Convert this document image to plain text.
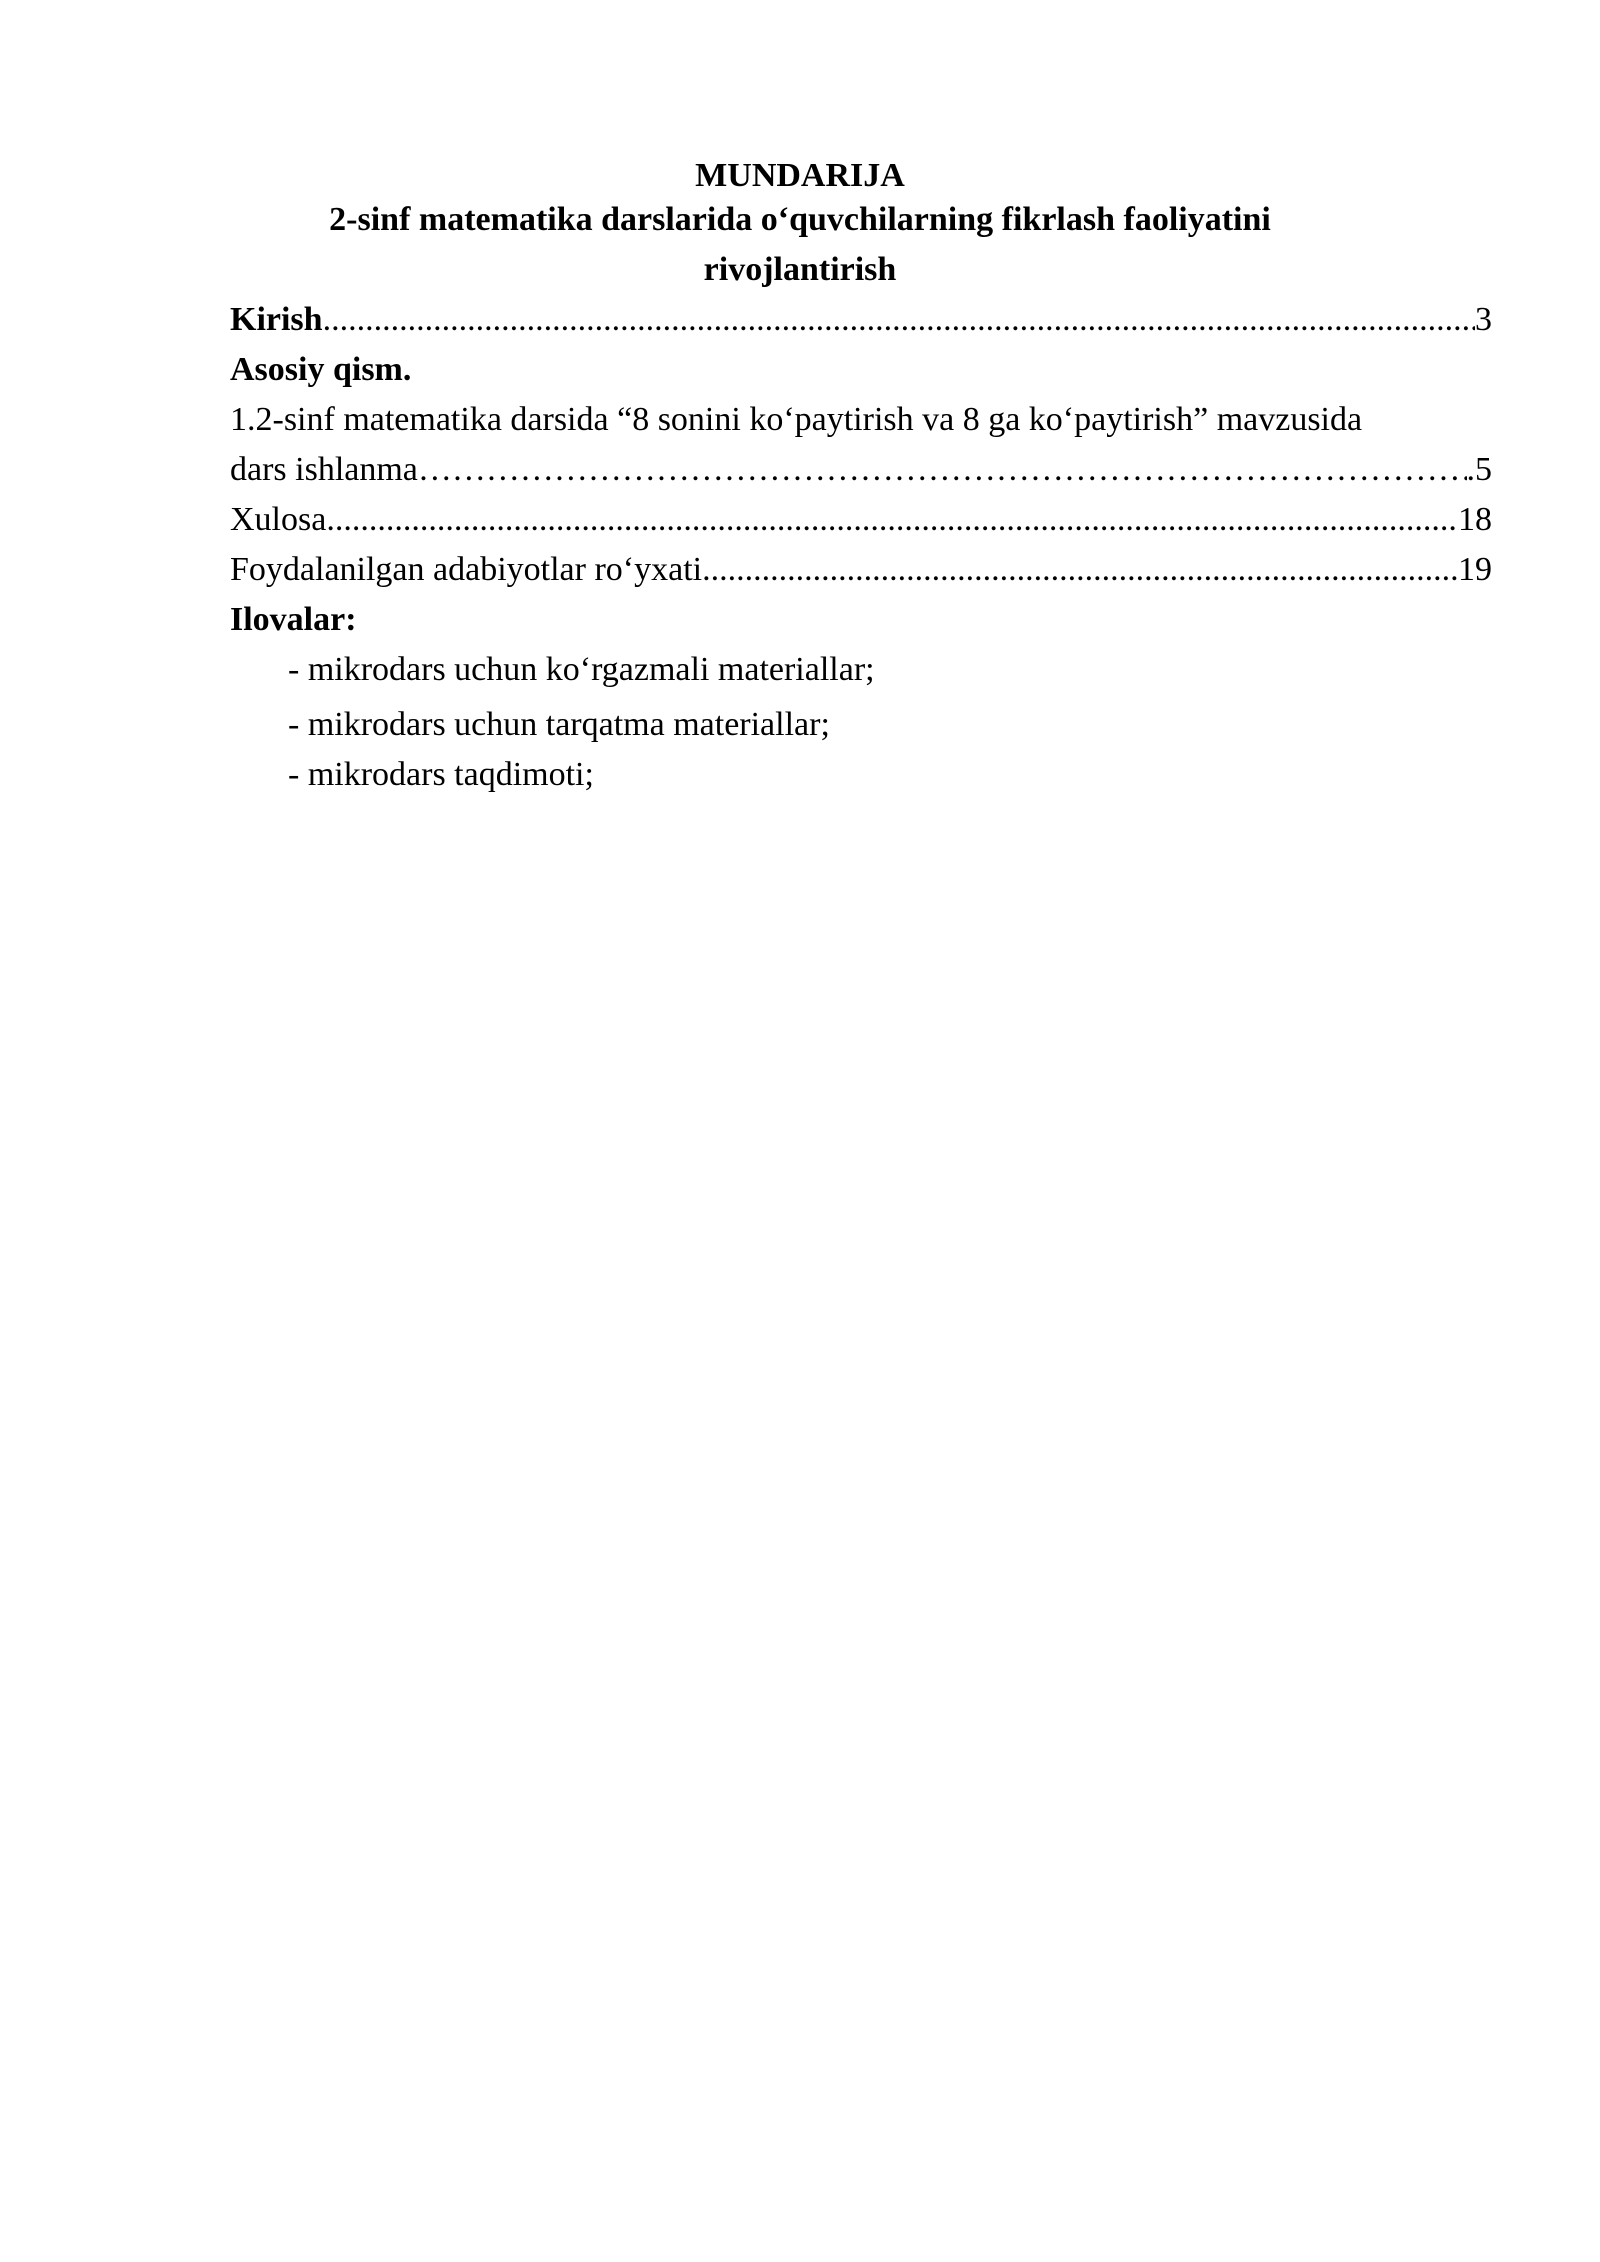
MUNDARIJA
2-sinf matematika darslarida o‘quvchilarning fikrlash faoliyatini
rivojlantirish
Kirish .....	3
Asosiy qism.
1.2-sinf matematika darsida “8 sonini ko‘paytirish va 8 ga ko‘paytirish” mavzusida
dars ishlanma …………………………………………………………………………………………………………………………………………………………………………………………………………………………………………………	.5
Xulosa .....	18
Foydalanilgan adabiyotlar ro‘yxati .....	19
Ilovalar:
- mikrodars uchun ko‘rgazmali materiallar;
- mikrodars uchun tarqatma materiallar;
- mikrodars taqdimoti;
